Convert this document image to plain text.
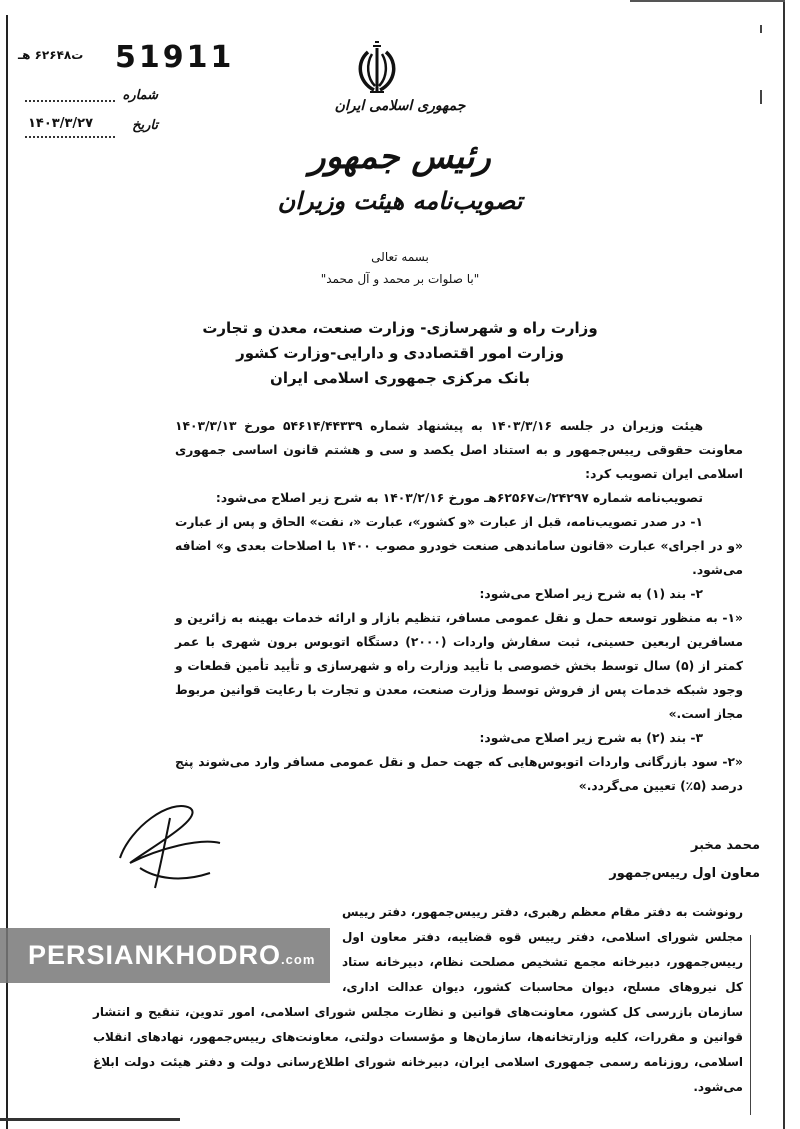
51911
ت۶۲۶۴۸ هـ
شماره
تاریخ
۱۴۰۳/۳/۲۷
جمهوری اسلامی ایران
رئیس جمهور
تصویب‌نامه هیئت وزیران
بسمه تعالی
"با صلوات بر محمد و آل محمد"
وزارت راه و شهرسازی- وزارت صنعت، معدن و تجارت
وزارت امور اقتصاددی و دارایی-وزارت کشور
بانک مرکزی جمهوری اسلامی ایران

هیئت وزیران در جلسه ۱۴۰۳/۳/۱۶ به پیشنهاد شماره ۵۴۶۱۴/۴۴۳۳۹ مورخ ۱۴۰۳/۳/۱۳ معاونت حقوقی رییس‌جمهور و به استناد اصل یکصد و سی و هشتم قانون اساسی جمهوری اسلامی ایران تصویب کرد:

تصویب‌نامه شماره ۲۴۲۹۷/ت۶۲۵۶۷هـ مورخ ۱۴۰۳/۲/۱۶ به شرح زیر اصلاح می‌شود:

۱- در صدر تصویب‌نامه، قبل از عبارت «و کشور»، عبارت «، نفت» الحاق و پس از عبارت «و در اجرای» عبارت «قانون ساماندهی صنعت خودرو مصوب ۱۴۰۰ با اصلاحات بعدی و» اضافه می‌شود.

۲- بند (۱) به شرح زیر اصلاح می‌شود:

«۱- به منظور توسعه حمل و نقل عمومی مسافر، تنظیم بازار و ارائه خدمات بهینه به زائرین و مسافرین اربعین حسینی، ثبت سفارش واردات (۲۰۰۰) دستگاه اتوبوس برون شهری با عمر کمتر از (۵) سال توسط بخش خصوصی با تأیید وزارت راه و شهرسازی و تأیید تأمین قطعات و وجود شبکه خدمات پس از فروش توسط وزارت صنعت، معدن و تجارت با رعایت قوانین مربوط مجاز است.»

۳- بند (۲) به شرح زیر اصلاح می‌شود:

«۲- سود بازرگانی واردات اتوبوس‌هایی که جهت حمل و نقل عمومی مسافر وارد می‌شوند پنج درصد (۵٪) تعیین می‌گردد.»

محمد مخبر
معاون اول رییس‌جمهور
PERSIANKHODRO.com
رونوشت به دفتر مقام معظم رهبری، دفتر رییس‌جمهور، دفتر رییس مجلس شورای اسلامی، دفتر رییس قوه قضاییه، دفتر معاون اول رییس‌جمهور، دبیرخانه مجمع تشخیص مصلحت نظام، دبیرخانه ستاد کل نیروهای مسلح، دیوان محاسبات کشور، دیوان عدالت اداری، سازمان بازرسی کل کشور، معاونت‌های قوانین و نظارت مجلس شورای اسلامی، امور تدوین، تنقیح و انتشار قوانین و مقررات، کلیه وزارتخانه‌ها، سازمان‌ها و مؤسسات دولتی، معاونت‌های رییس‌جمهور، نهادهای انقلاب اسلامی، روزنامه رسمی جمهوری اسلامی ایران، دبیرخانه شورای اطلاع‌رسانی دولت و دفتر هیئت دولت ابلاغ می‌شود.
